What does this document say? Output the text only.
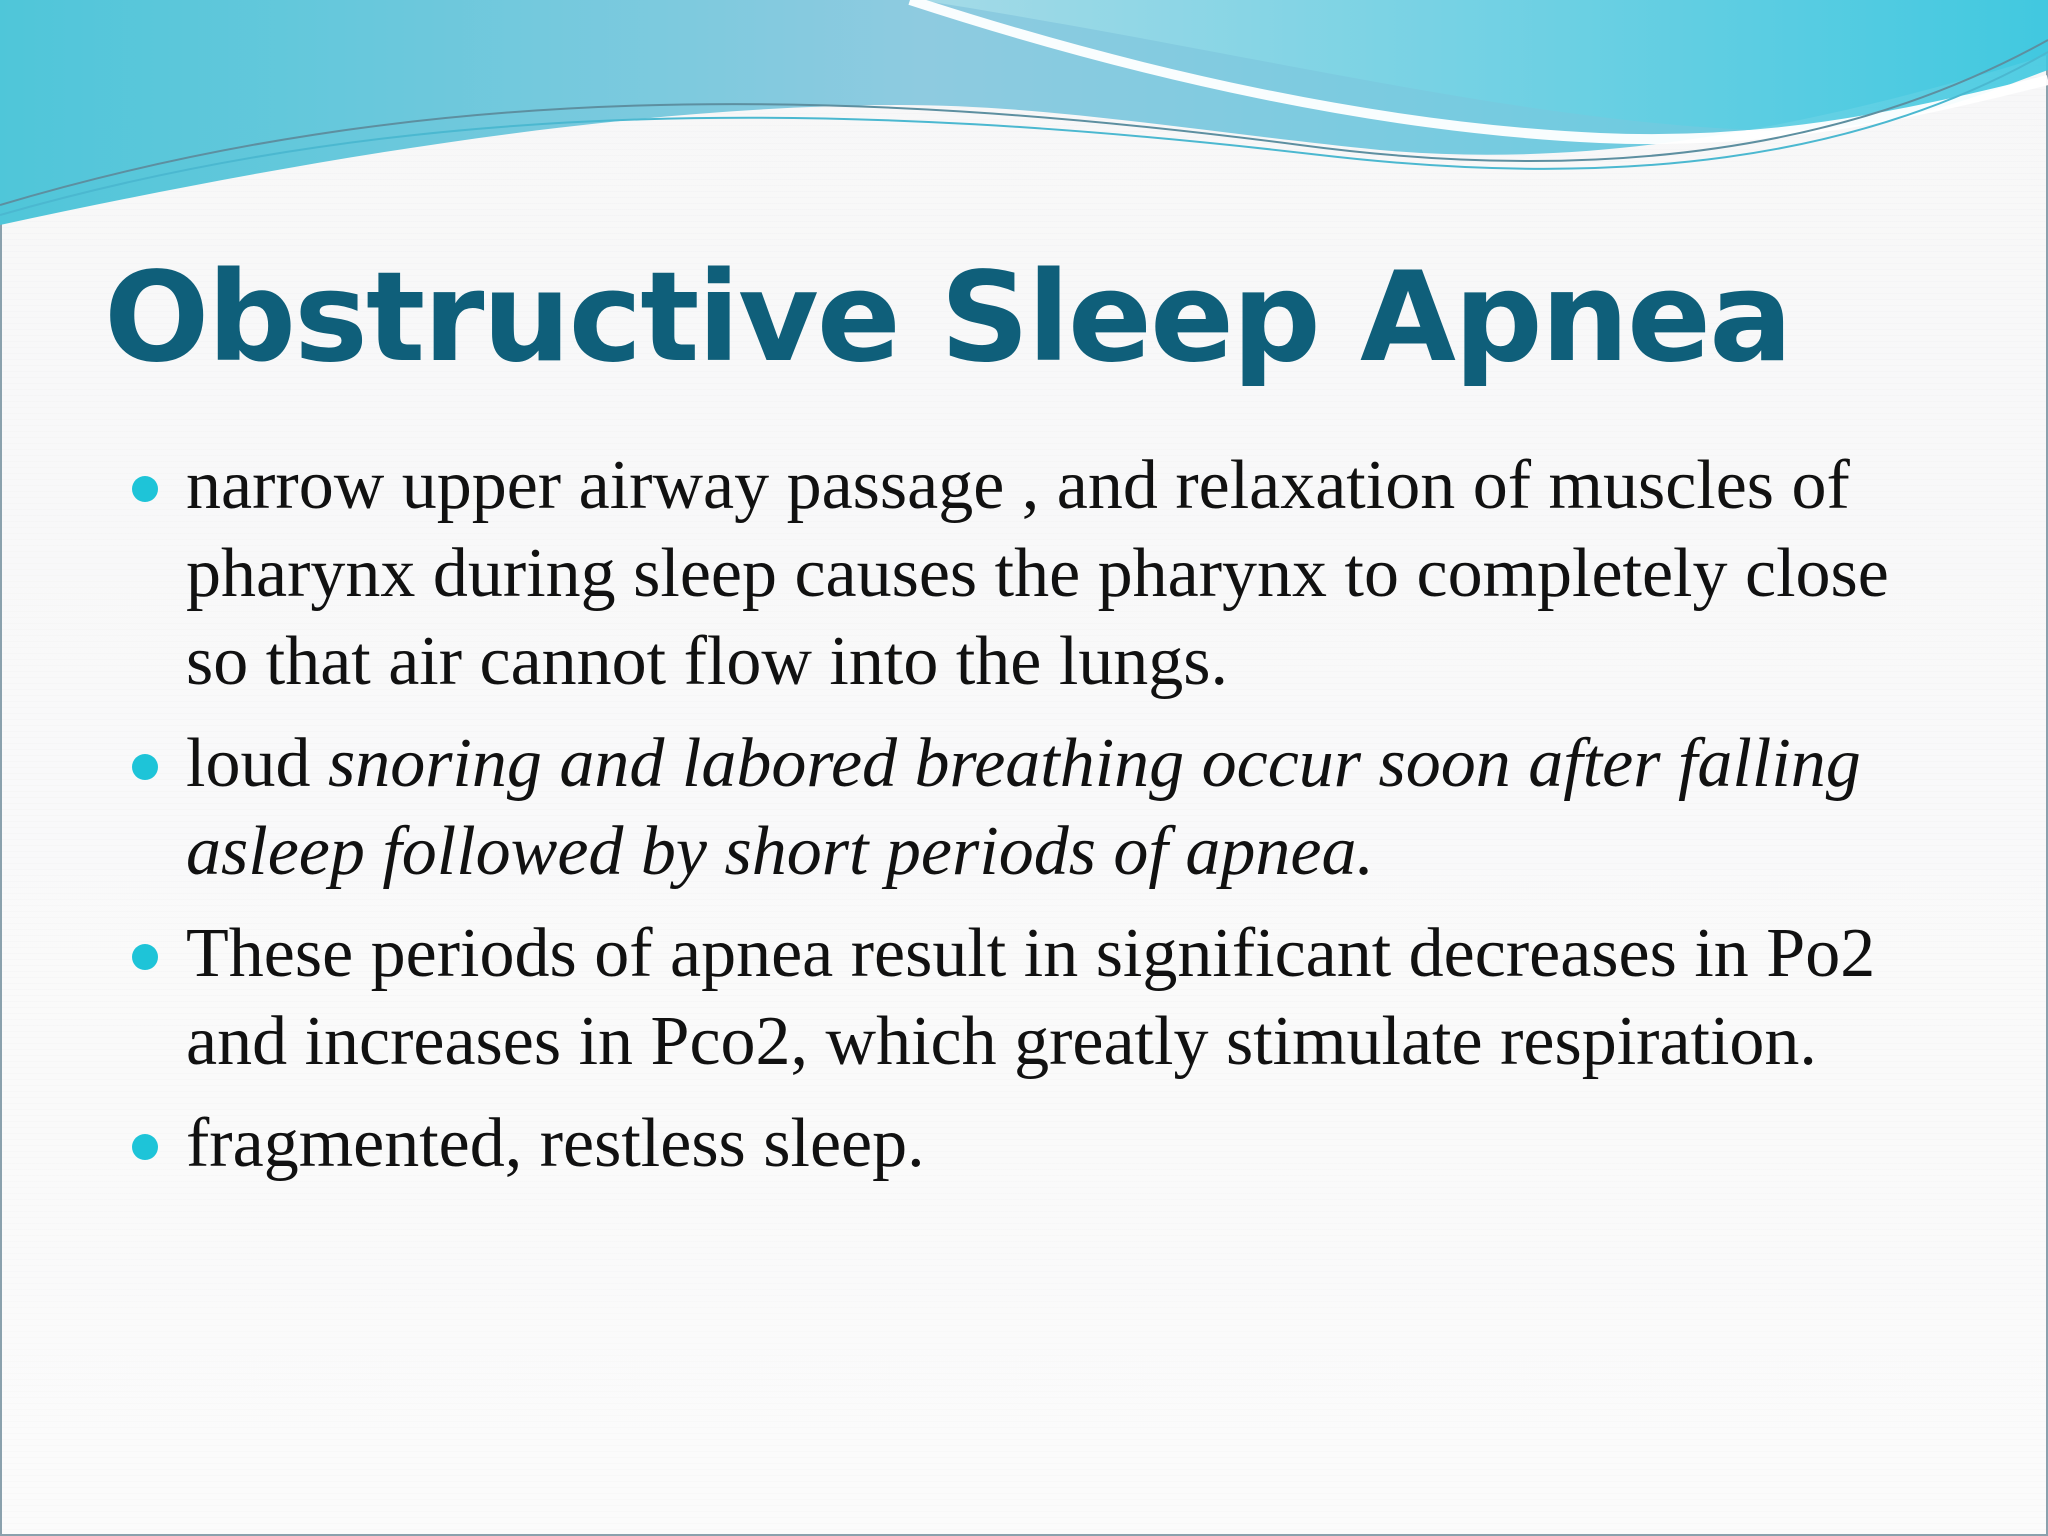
Obstructive Sleep Apnea
narrow upper airway passage , and relaxation of muscles of pharynx during sleep causes the pharynx to completely close so that air cannot flow into the lungs.
loud snoring and labored breathing occur soon after falling asleep followed by short periods of apnea.
These periods of apnea result in significant decreases in Po2 and increases in Pco2, which greatly stimulate respiration.
fragmented, restless sleep.
